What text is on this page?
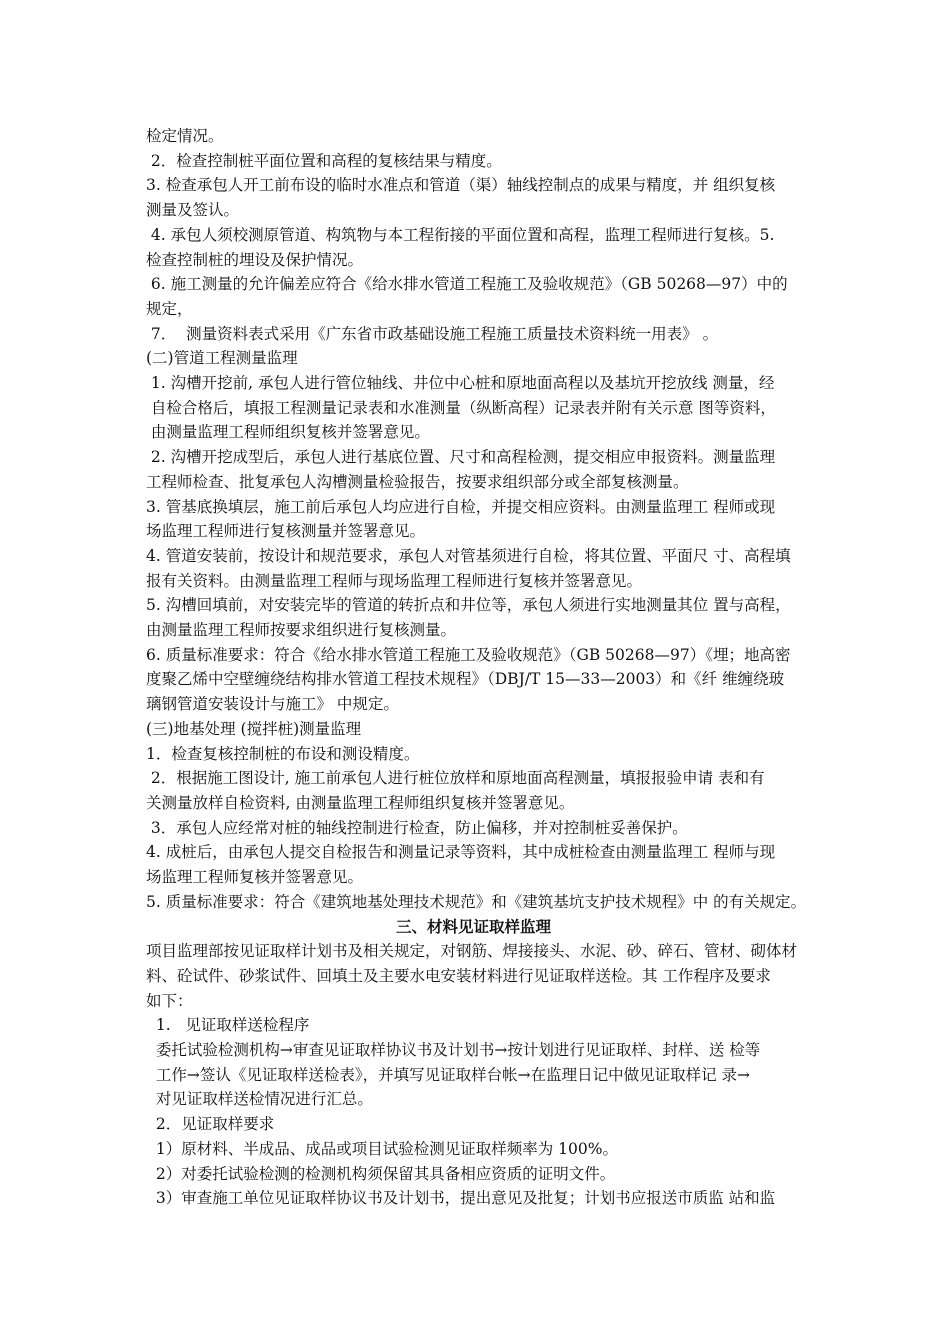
检定情况。
2．检查控制桩平面位置和高程的复核结果与精度。
3. 检查承包人开工前布设的临时水准点和管道（渠）轴线控制点的成果与精度，并 组织复核
测量及签认。
4. 承包人须校测原管道、构筑物与本工程衔接的平面位置和高程，监理工程师进行复核。5.
检查控制桩的埋设及保护情况。
6. 施工测量的允许偏差应符合《给水排水管道工程施工及验收规范》（GB 50268—97）中的
规定，
7．  测量资料表式采用《广东省市政基础设施工程施工质量技术资料统一用表》 。
(二)管道工程测量监理
1. 沟槽开挖前, 承包人进行管位轴线、井位中心桩和原地面高程以及基坑开挖放线 测量，经
自检合格后，填报工程测量记录表和水准测量（纵断高程）记录表并附有关示意 图等资料，
由测量监理工程师组织复核并签署意见。
2. 沟槽开挖成型后，承包人进行基底位置、尺寸和高程检测，提交相应申报资料。测量监理
工程师检查、批复承包人沟槽测量检验报告，按要求组织部分或全部复核测量。
3. 管基底换填层，施工前后承包人均应进行自检，并提交相应资料。由测量监理工 程师或现
场监理工程师进行复核测量并签署意见。
4. 管道安装前，按设计和规范要求，承包人对管基须进行自检，将其位置、平面尺 寸、高程填
报有关资料。由测量监理工程师与现场监理工程师进行复核并签署意见。
5. 沟槽回填前，对安装完毕的管道的转折点和井位等，承包人须进行实地测量其位 置与高程，
由测量监理工程师按要求组织进行复核测量。
6. 质量标准要求：符合《给水排水管道工程施工及验收规范》（GB 50268—97）《埋；地高密
度聚乙烯中空壁缠绕结构排水管道工程技术规程》（DBJ/T 15—33—2003）和《纤 维缠绕玻
璃钢管道安装设计与施工》 中规定。
(三)地基处理 (搅拌桩)测量监理
1．检查复核控制桩的布设和测设精度。
2．根据施工图设计, 施工前承包人进行桩位放样和原地面高程测量，填报报验申请 表和有
关测量放样自检资料, 由测量监理工程师组织复核并签署意见。
3．承包人应经常对桩的轴线控制进行检查，防止偏移，并对控制桩妥善保护。
4. 成桩后，由承包人提交自检报告和测量记录等资料，其中成桩检查由测量监理工 程师与现
场监理工程师复核并签署意见。
5. 质量标准要求：符合《建筑地基处理技术规范》和《建筑基坑支护技术规程》中 的有关规定。
三、材料见证取样监理
项目监理部按见证取样计划书及相关规定，对钢筋、焊接接头、水泥、砂、碎石、管材、砌体材
料、砼试件、砂浆试件、回填土及主要水电安装材料进行见证取样送检。其 工作程序及要求
如下：
1.   见证取样送检程序
委托试验检测机构→审查见证取样协议书及计划书→按计划进行见证取样、封样、送 检等
工作→签认《见证取样送检表》，并填写见证取样台帐→在监理日记中做见证取样记 录→
对见证取样送检情况进行汇总。
2．见证取样要求
1）原材料、半成品、成品或项目试验检测见证取样频率为 100%。
2）对委托试验检测的检测机构须保留其具备相应资质的证明文件。
3）审查施工单位见证取样协议书及计划书，提出意见及批复；计划书应报送市质监 站和监
